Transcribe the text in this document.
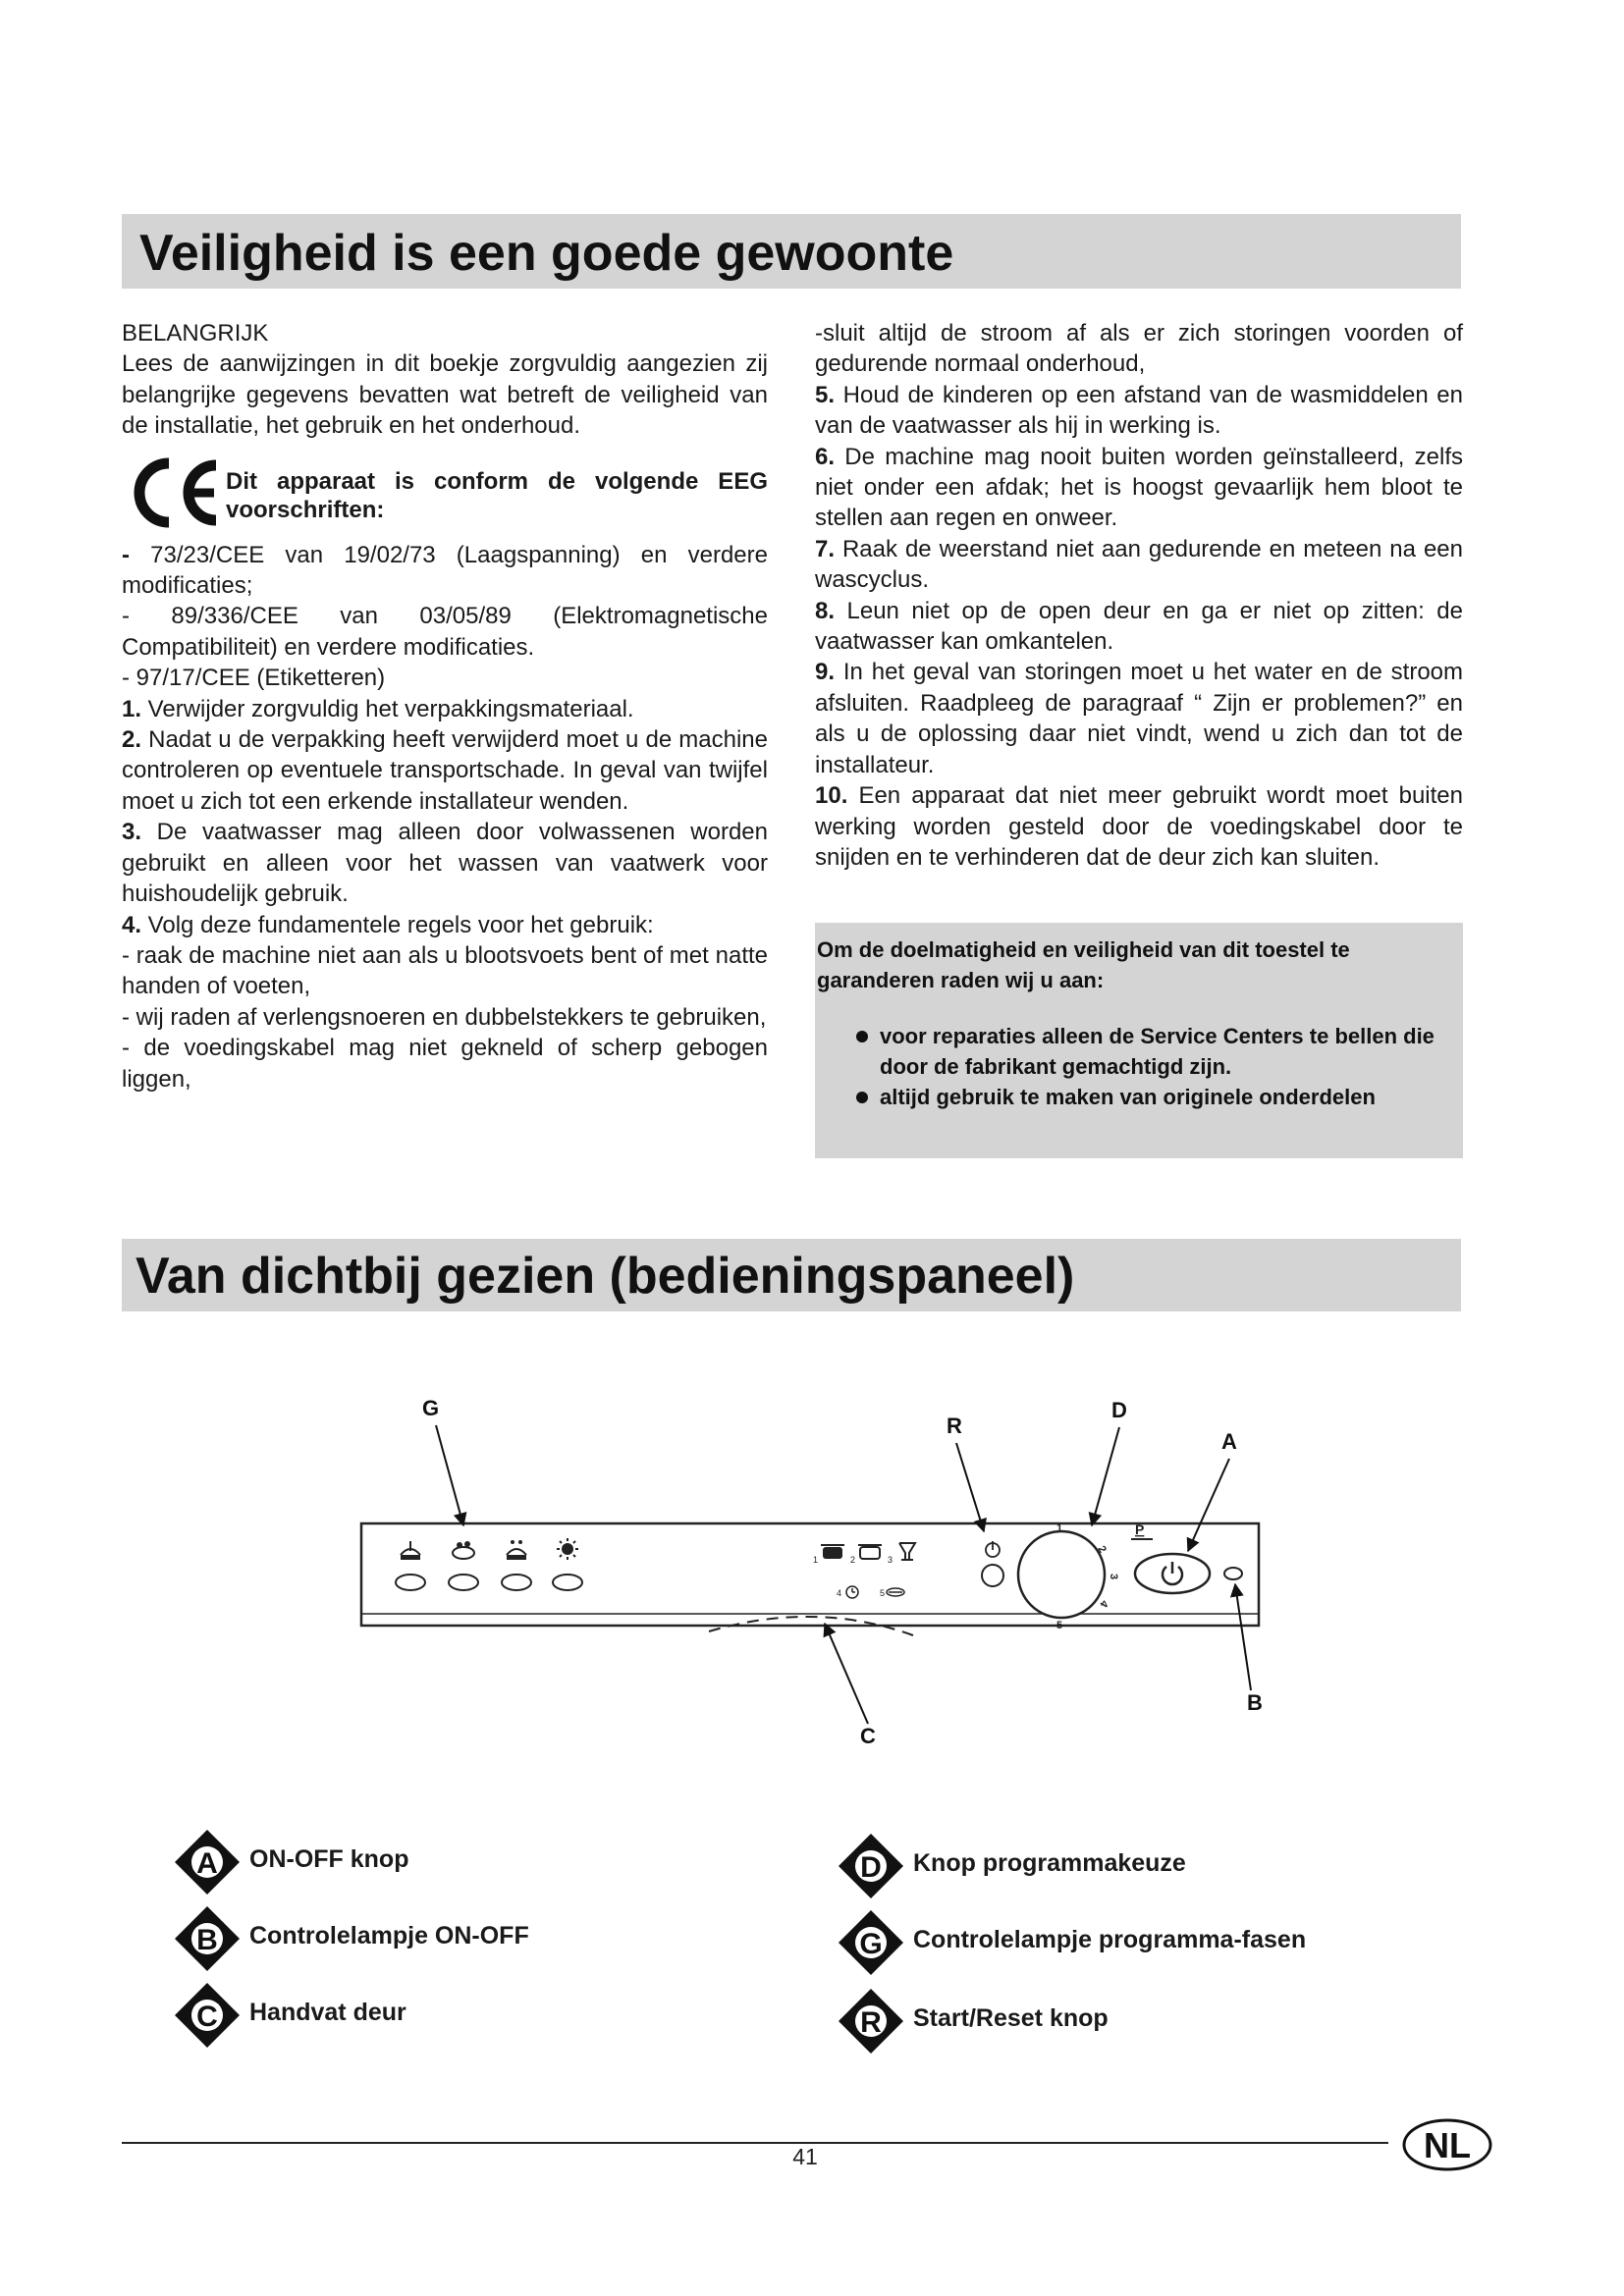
Veiligheid is een goede gewoonte

BELANGRIJK

Lees de aanwijzingen in dit boekje zorgvuldig aangezien zij belangrijke gegevens bevatten wat betreft de veiligheid van de installatie, het gebruik en het onderhoud.

Dit apparaat is conform de volgende EEG voorschriften:

- 73/23/CEE van 19/02/73 (Laagspanning) en verdere modificaties;

- 89/336/CEE van 03/05/89 (Elektromagnetische Compatibiliteit) en verdere modificaties.

- 97/17/CEE (Etiketteren)

1. Verwijder zorgvuldig het verpakkingsmateriaal.

2. Nadat u de verpakking heeft verwijderd moet u de machine controleren op eventuele transportschade. In geval van twijfel moet u zich tot een erkende installateur wenden.

3. De vaatwasser mag alleen door volwassenen worden gebruikt en alleen voor het wassen van vaatwerk voor huishoudelijk gebruik.

4. Volg deze fundamentele regels voor het gebruik:

- raak de machine niet aan als u blootsvoets bent of met natte handen of voeten,

- wij raden af verlengsnoeren en dubbelstekkers te gebruiken,

- de voedingskabel mag niet gekneld of scherp gebogen liggen,

-sluit altijd de stroom af als er zich storingen voorden of gedurende normaal onderhoud,

5. Houd de kinderen op een afstand van de wasmiddelen en van de vaatwasser als hij in werking is.

6. De machine mag nooit buiten worden geïnstalleerd, zelfs niet onder een afdak; het is hoogst gevaarlijk hem bloot te stellen aan regen en onweer.

7. Raak de weerstand niet aan gedurende en meteen na een wascyclus.

8. Leun niet op de open deur en ga er niet op zitten: de vaatwasser kan omkantelen.

9. In het geval van storingen moet u het water en de stroom afsluiten. Raadpleeg de paragraaf “ Zijn er problemen?” en als u de oplossing daar niet vindt, wend u zich dan tot de installateur.

10. Een apparaat dat niet meer gebruikt wordt moet buiten werking worden gesteld door de voedingskabel door te snijden en te verhinderen dat de deur zich kan sluiten.

Om de doelmatigheid en veiligheid van dit toestel te garanderen raden wij u aan:

voor reparaties alleen de Service Centers te bellen die door de fabrikant gemachtigd zijn.

altijd gebruik te maken van originele onderdelen

Van dichtbij gezien (bedieningspaneel)
1	2	3
4	5
1
2
3
4
5
P
G
R
D
A
B
C
A ON-OFF knop
B Controlelampje ON-OFF
C Handvat deur
D Knop programmakeuze
G Controlelampje programma-fasen
R Start/Reset knop
41	NL
